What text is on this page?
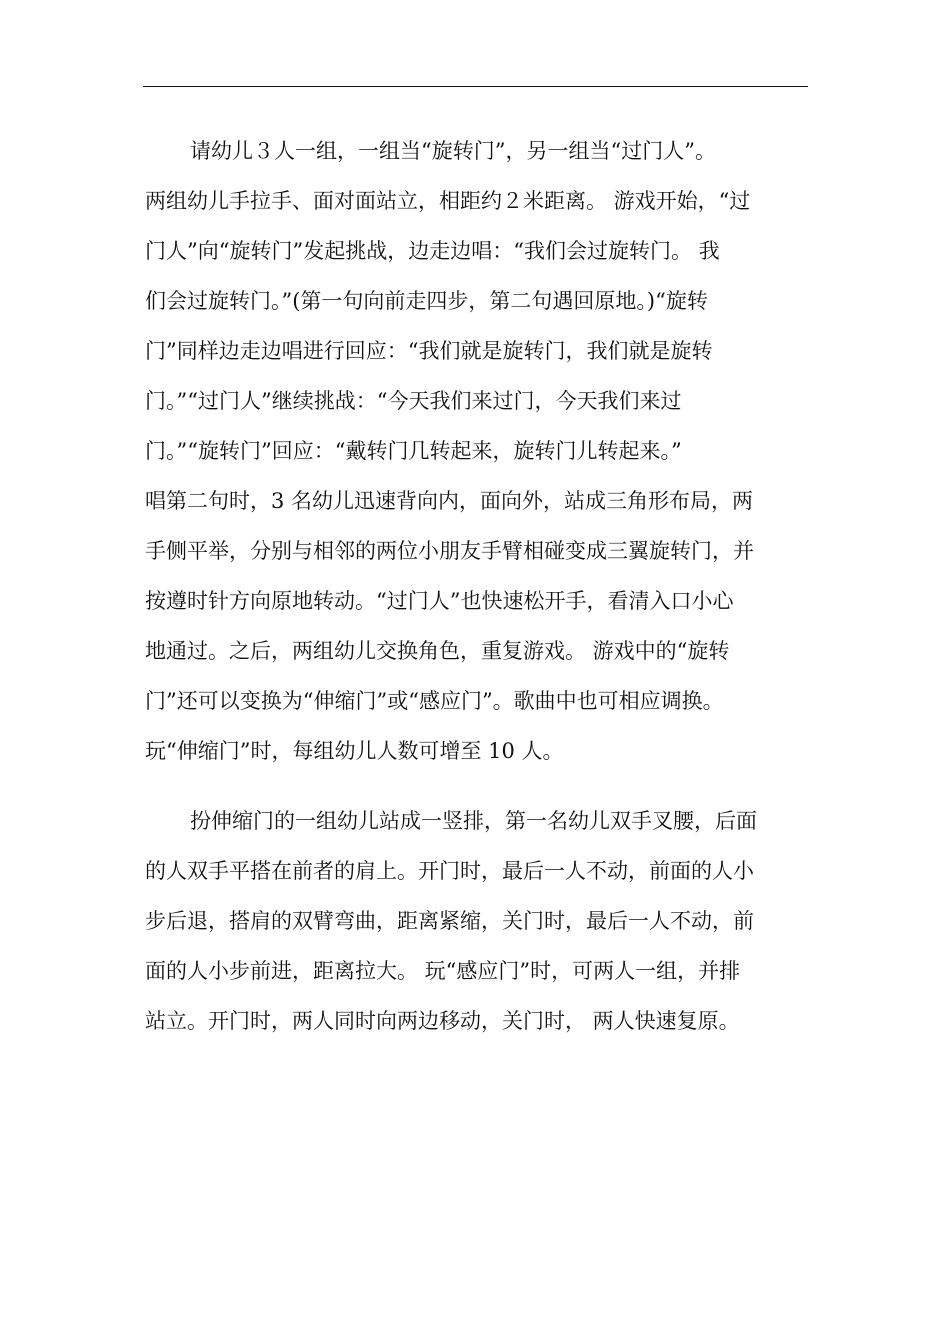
请幼儿３人一组，一组当“旋转门”，另一组当“过门人”。
两组幼儿手拉手、面对面站立，相距约２米距离。 游戏开始，“过
门人”向“旋转门”发起挑战，边走边唱：“我们会过旋转门。 我
们会过旋转门。”(第一句向前走四步，第二句遇回原地。)“旋转
门”同样边走边唱进行回应：“我们就是旋转门，我们就是旋转
门。”“过门人”继续挑战：“今天我们来过门，今天我们来过
门。”“旋转门”回应：“戴转门几转起来，旋转门儿转起来。”
唱第二句时，3 名幼儿迅速背向内，面向外，站成三角形布局，两
手侧平举，分别与相邻的两位小朋友手臂相碰变成三翼旋转门，并
按遵时针方向原地转动。“过门人”也快速松开手，看清入口小心
地通过。之后，两组幼儿交换角色，重复游戏。 游戏中的“旋转
门”还可以变换为“伸缩门”或“感应门”。歌曲中也可相应调换。
玩“伸缩门”时，每组幼儿人数可增至 10 人。
扮伸缩门的一组幼儿站成一竖排，第一名幼儿双手叉腰，后面
的人双手平搭在前者的肩上。开门时，最后一人不动，前面的人小
步后退，搭肩的双臂弯曲，距离紧缩，关门时，最后一人不动，前
面的人小步前进，距离拉大。 玩“感应门”时，可两人一组，并排
站立。开门时，两人同时向两边移动，关门时， 两人快速复原。
